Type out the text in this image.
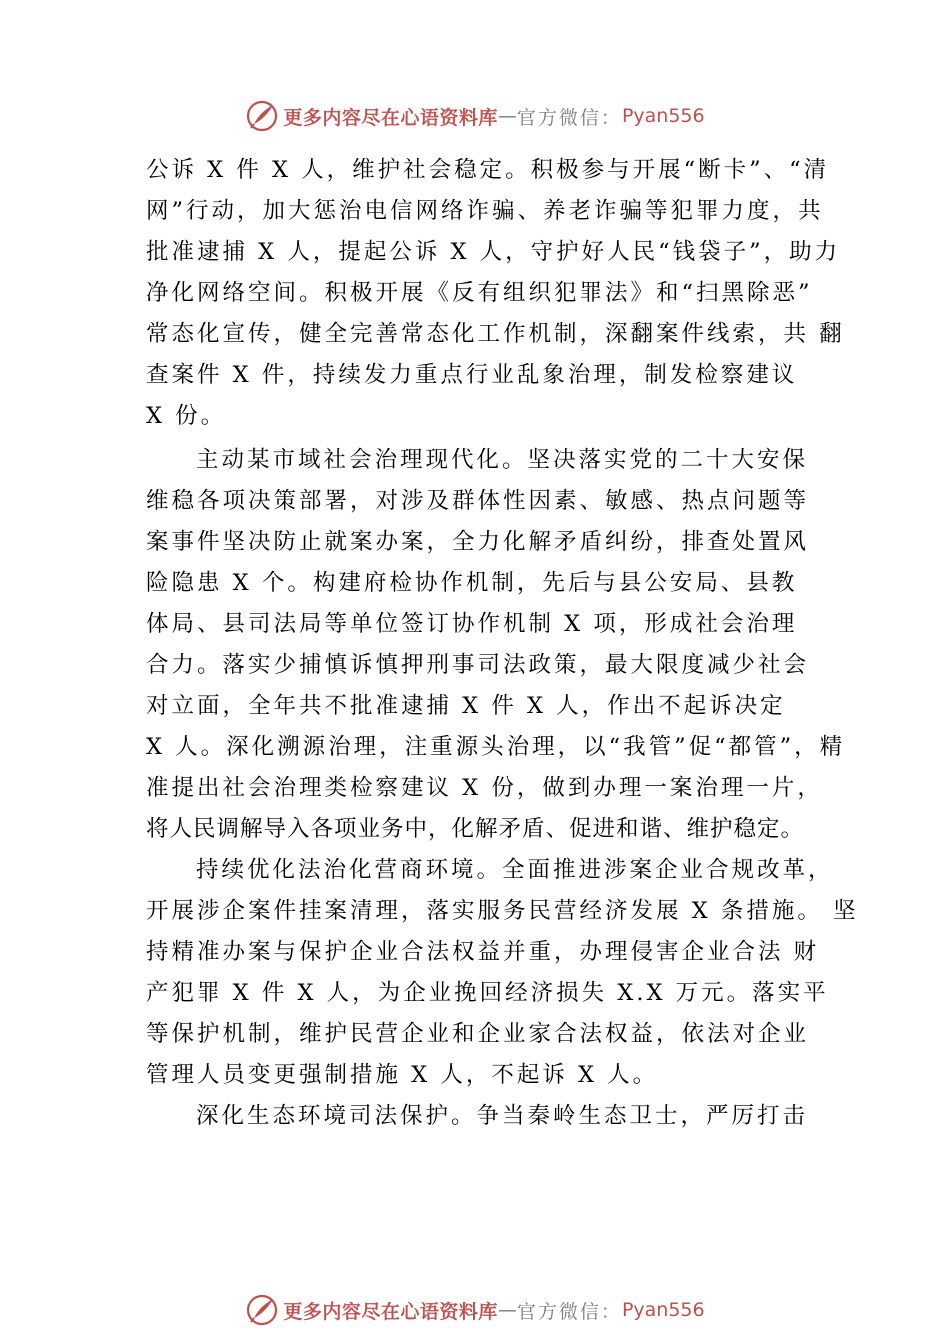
更多内容尽在心语资料库 — 官方微信： Pyan556
公诉 X 件 X 人，维护社会稳定。积极参与开展“断卡”、“清
网”行动，加大惩治电信网络诈骗、养老诈骗等犯罪力度，共
批准逮捕 X 人，提起公诉 X 人，守护好人民“钱袋子”，助力
净化网络空间。积极开展《反有组织犯罪法》和“扫黑除恶”
常态化宣传，健全完善常态化工作机制，深翻案件线索，共 翻
查案件 X 件，持续发力重点行业乱象治理，制发检察建议
X 份。
主动某市域社会治理现代化。坚决落实党的二十大安保
维稳各项决策部署，对涉及群体性因素、敏感、热点问题等
案事件坚决防止就案办案，全力化解矛盾纠纷，排查处置风
险隐患 X 个。构建府检协作机制，先后与县公安局、县教
体局、县司法局等单位签订协作机制 X 项，形成社会治理
合力。落实少捕慎诉慎押刑事司法政策，最大限度减少社会
对立面，全年共不批准逮捕 X 件 X 人，作出不起诉决定
X 人。深化溯源治理，注重源头治理，以“我管”促“都管”，精
准提出社会治理类检察建议 X 份，做到办理一案治理一片，
将人民调解导入各项业务中，化解矛盾、促进和谐、维护稳定。
持续优化法治化营商环境。全面推进涉案企业合规改革，
开展涉企案件挂案清理，落实服务民营经济发展 X 条措施。 坚
持精准办案与保护企业合法权益并重，办理侵害企业合法 财
产犯罪 X 件 X 人，为企业挽回经济损失 X.X 万元。落实平
等保护机制，维护民营企业和企业家合法权益，依法对企业
管理人员变更强制措施 X 人，不起诉 X 人。
深化生态环境司法保护。争当秦岭生态卫士，严厉打击
更多内容尽在心语资料库 — 官方微信： Pyan556
